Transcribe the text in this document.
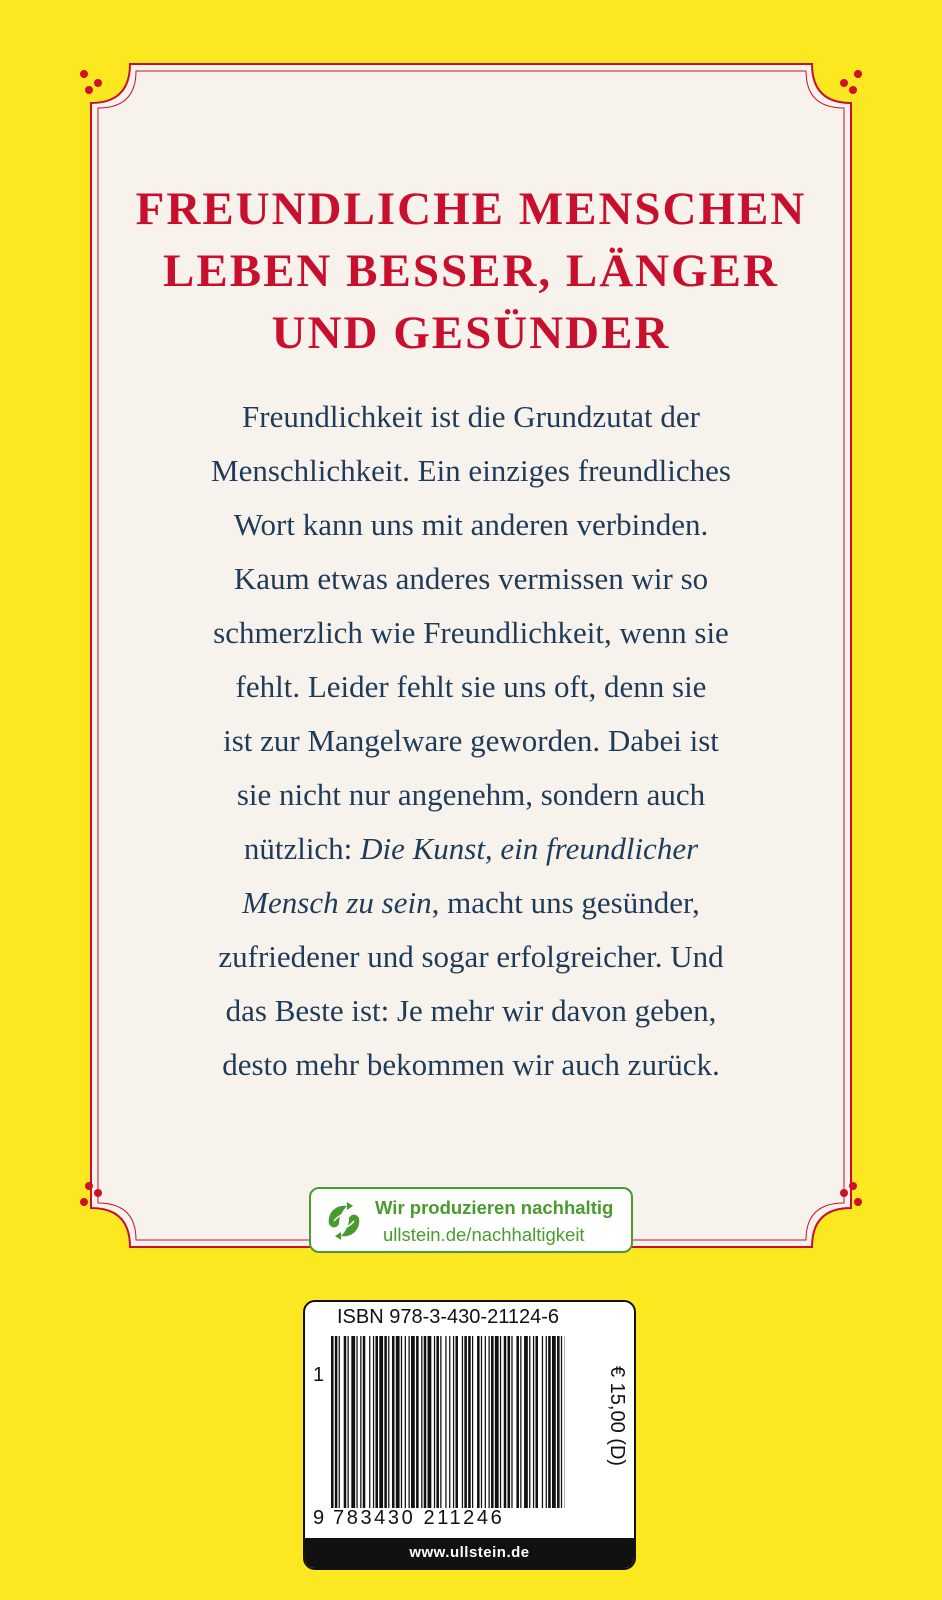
FREUNDLICHE MENSCHEN
LEBEN BESSER, LÄNGER
UND GESÜNDER
Freundlichkeit ist die Grundzutat der
Menschlichkeit. Ein einziges freundliches
Wort kann uns mit anderen verbinden.
Kaum etwas anderes vermissen wir so
schmerzlich wie Freundlichkeit, wenn sie
fehlt. Leider fehlt sie uns oft, denn sie
ist zur Mangelware geworden. Dabei ist
sie nicht nur angenehm, sondern auch
nützlich: Die Kunst, ein freundlicher
Mensch zu sein, macht uns gesünder,
zufriedener und sogar erfolgreicher. Und
das Beste ist: Je mehr wir davon geben,
desto mehr bekommen wir auch zurück.
Wir produzieren nachhaltig
ullstein.de/nachhaltigkeit
ISBN 978-3-430-21124-6
1
9 783430 211246
€ 15,00 (D)
www.ullstein.de
